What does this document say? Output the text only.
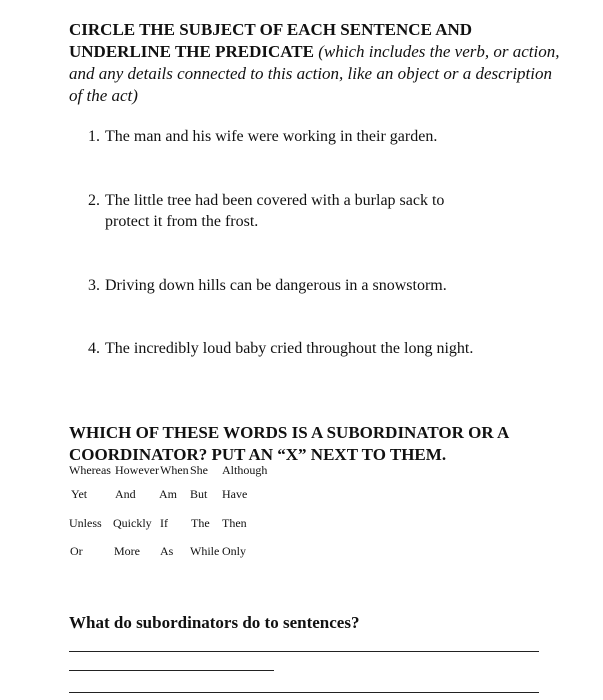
CIRCLE THE SUBJECT OF EACH SENTENCE AND UNDERLINE THE PREDICATE (which includes the verb, or action, and any details connected to this action, like an object or a description of the act)
1. The man and his wife were working in their garden.
2. The little tree had been covered with a burlap sack to
protect it from the frost.
3. Driving down hills can be dangerous in a snowstorm.
4. The incredibly loud baby cried throughout the long night.
WHICH OF THESE WORDS IS A SUBORDINATOR OR A COORDINATOR? PUT AN “X” NEXT TO THEM.
Whereas However When She Although
Yet And Am But Have
Unless Quickly If The Then
Or	More As While Only
What do subordinators do to sentences?
